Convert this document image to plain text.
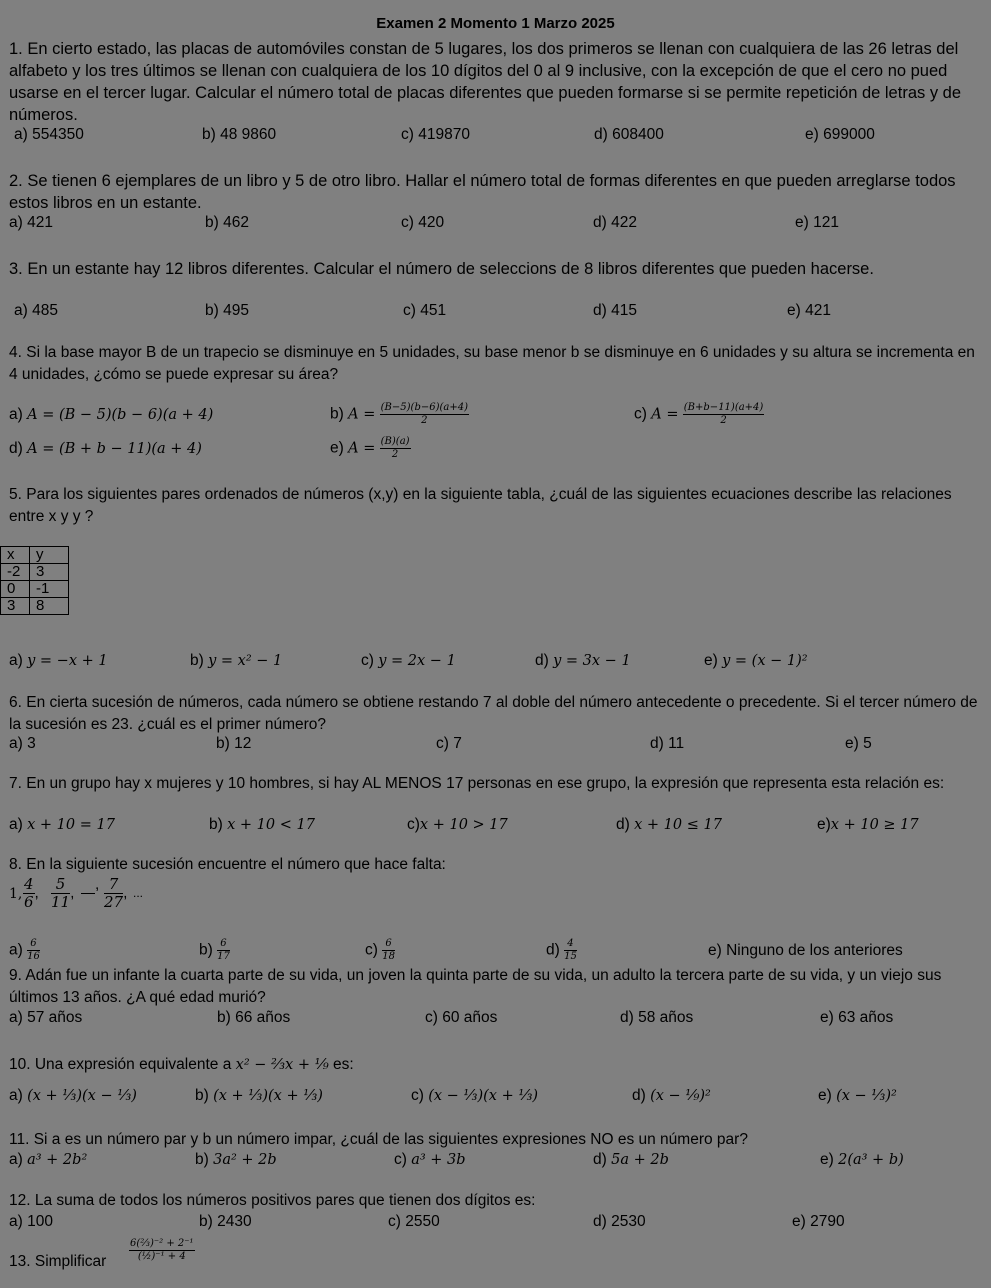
Examen 2 Momento 1 Marzo 2025
1. En cierto estado, las placas de automóviles constan de 5 lugares, los dos primeros se llenan con cualquiera de las 26 letras del alfabeto y los tres últimos se llenan con cualquiera de los 10 dígitos del 0 al 9 inclusive, con la excepción de que el cero no pued usarse en el tercer lugar. Calcular el número total de placas diferentes que pueden formarse si se permite repetición de letras y de números.
a) 554350	b) 48 9860	c) 419870	d) 608400	e) 699000
2. Se tienen 6 ejemplares de un libro y 5 de otro libro. Hallar el número total de formas diferentes en que pueden arreglarse todos estos libros en un estante.
a) 421	b) 462	c) 420	d) 422	e) 121
3. En un estante hay 12 libros diferentes. Calcular el número de seleccions de 8 libros diferentes que pueden hacerse.
a) 485	b) 495	c) 451	d) 415	e) 421
4. Si la base mayor B de un trapecio se disminuye en 5 unidades, su base menor b se disminuye en 6 unidades y su altura se incrementa en 4 unidades, ¿cómo se puede expresar su área?
a) A = (B − 5)(b − 6)(a + 4)	b) $A = \frac{(B-5)(b-6)(a+4)}{2}$	c) $A = \frac{(B+b-11)(a+4)}{2}$
d) A = (B + b − 11)(a + 4)	e) $A = \frac{(B)(a)}{2}$
5. Para los siguientes pares ordenados de números (x,y) en la siguiente tabla, ¿cuál de las siguientes ecuaciones describe las relaciones entre x y y ?
x	y
-2	3
0	-1
3	8
a) y = −x + 1	b) y = x² − 1	c) y = 2x − 1	d) y = 3x − 1	e) y = (x − 1)²
6. En cierta sucesión de números, cada número se obtiene restando 7 al doble del número antecedente o precedente. Si el tercer número de la sucesión es 23. ¿cuál es el primer número?
a) 3	b) 12	c) 7	d) 11	e) 5
7. En un grupo hay x mujeres y 10 hombres, si hay AL MENOS 17 personas en ese grupo, la expresión que representa esta relación es:
a) x + 10 = 17	b) x + 10 < 17	c)x + 10 > 17	d) x + 10 ≤ 17	e)x + 10 ≥ 17
8. En la siguiente sucesión encuentre el número que hace falta:
1, $\frac{4}{6}$ , $\frac{5}{11}$ ,	, $\frac{7}{27}$ , ...
$a) \frac{6}{16}$	$b) \frac{6}{17}$	$c) \frac{6}{18}$	$d) \frac{4}{15}$	e) Ninguno de los anteriores
9. Adán fue un infante la cuarta parte de su vida, un joven la quinta parte de su vida, un adulto la tercera parte de su vida, y un viejo sus últimos 13 años. ¿A qué edad murió?
a) 57 años	b) 66 años	c) 60 años	d) 58 años	e) 63 años
10. Una expresión equivalente a x² − ⅔x + ⅑ es:
a) (x + ⅓)(x − ⅓)	b) (x + ⅓)(x + ⅓)	c) (x − ⅓)(x + ⅓)	d) (x − ⅑)²	e) (x − ⅓)²
11. Si a es un número par y b un número impar, ¿cuál de las siguientes expresiones NO es un número par?
a) a³ + 2b²	b) 3a² + 2b	c) a³ + 3b	d) 5a + 2b	e) 2(a³ + b)
12. La suma de todos los números positivos pares que tienen dos dígitos es:
a) 100	b) 2430	c) 2550	d) 2530	e) 2790
13. Simplificar $\frac{\text{6(⅔)⁻² + 2⁻¹}}{\text{(½)⁻¹ + 4}}$
